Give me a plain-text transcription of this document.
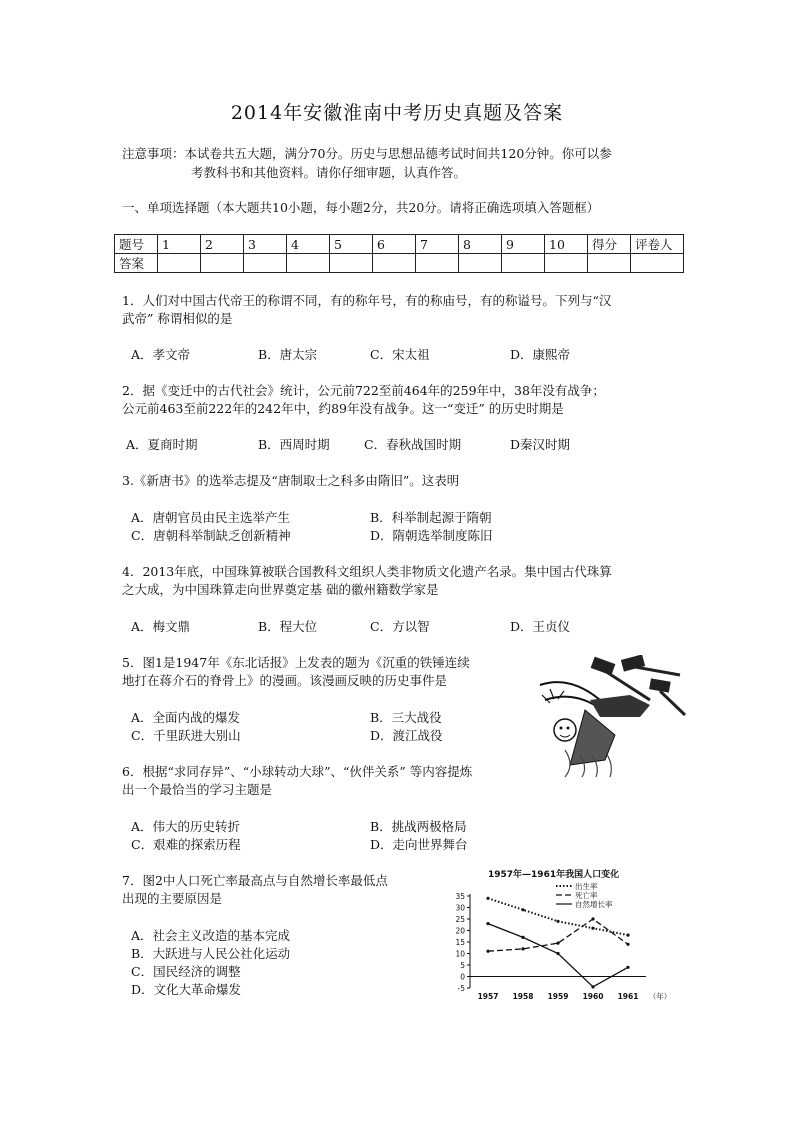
2014年安徽淮南中考历史真题及答案
注意事项：本试卷共五大题，满分70分。历史与思想品德考试时间共120分钟。你可以参
考教科书和其他资料。请你仔细审题，认真作答。
一、单项选择题（本大题共10小题，每小题2分，共20分。请将正确选项填入答题框）
题号	1	2	3	4	5	6	7	8	9	10	得分	评卷人
答案												
1．人们对中国古代帝王的称谓不同，有的称年号，有的称庙号，有的称谥号。下列与“汉
武帝” 称谓相似的是
A．孝文帝	B．唐太宗	C．宋太祖	D．康熙帝
2．据《变迁中的古代社会》统计，公元前722至前464年的259年中，38年没有战争；
公元前463至前222年的242年中，约89年没有战争。这一“变迁” 的历史时期是
A．夏商时期	B．西周时期	C．春秋战国时期	D秦汉时期
3.《新唐书》的选举志提及“唐制取士之科多由隋旧”。这表明
A．唐朝官员由民主选举产生	B．科举制起源于隋朝
C．唐朝科举制缺乏创新精神	D．隋朝选举制度陈旧
4．2013年底，中国珠算被联合国教科文组织人类非物质文化遗产名录。集中国古代珠算
之大成，为中国珠算走向世界奠定基 础的徽州籍数学家是
A．梅文鼎	B．程大位	C．方以智	D．王贞仪
5．图1是1947年《东北话报》上发表的题为《沉重的铁锤连续
地打在蒋介石的脊骨上》的漫画。该漫画反映的历史事件是
A．全面内战的爆发	B．三大战役
C．千里跃进大别山	D．渡江战役
6．根据“求同存异”、“小球转动大球”、“伙伴关系” 等内容提炼
出一个最恰当的学习主题是
A．伟大的历史转折	B．挑战两极格局
C．艰难的探索历程	D．走向世界舞台
7．图2中人口死亡率最高点与自然增长率最低点
出现的主要原因是
A．社会主义改造的基本完成
B．大跃进与人民公社化运动
C．国民经济的调整
D．文化大革命爆发
1957年—1961年我国人口变化
35
30
25
20
15
10
5
0
-5
1957 1958 1959 1960 1961 （年）
出生率
死亡率
自然增长率
